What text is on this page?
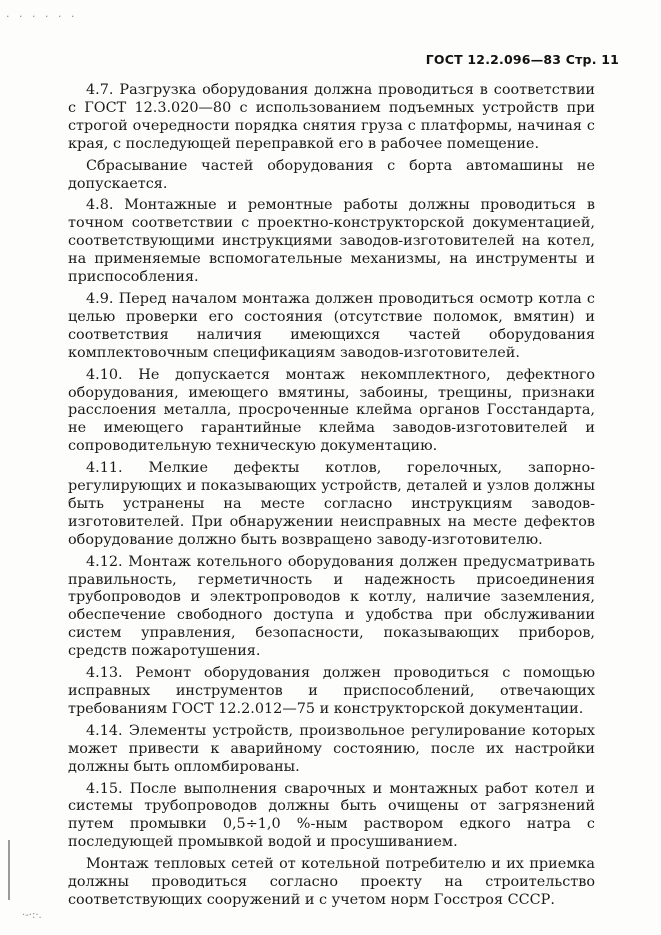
· · · · · ·
ГОСТ 12.2.096—83 Стр. 11

4.7. Разгрузка оборудования должна проводиться в соответствии с ГОСТ 12.3.020—80 с использованием подъемных устройств при строгой очередности порядка снятия груза с платформы, начиная с края, с последующей переправкой его в рабочее помещение.

Сбрасывание частей оборудования с борта автомашины не допускается.

4.8. Монтажные и ремонтные работы должны проводиться в точном соответствии с проектно-конструкторской документацией, соответствующими инструкциями заводов-изготовителей на котел, на применяемые вспомогательные механизмы, на инструменты и приспособления.

4.9. Перед началом монтажа должен проводиться осмотр котла с целью проверки его состояния (отсутствие поломок, вмятин) и соответствия наличия имеющихся частей оборудования комплектовочным спецификациям заводов-изготовителей.

4.10. Не допускается монтаж некомплектного, дефектного оборудования, имеющего вмятины, забоины, трещины, признаки расслоения металла, просроченные клейма органов Госстандарта, не имеющего гарантийные клейма заводов-изготовителей и сопроводительную техническую документацию.

4.11. Мелкие дефекты котлов, горелочных, запорно-регулирующих и показывающих устройств, деталей и узлов должны быть устранены на месте согласно инструкциям заводов-изготовителей. При обнаружении неисправных на месте дефектов оборудование должно быть возвращено заводу-изготовителю.

4.12. Монтаж котельного оборудования должен предусматривать правильность, герметичность и надежность присоединения трубопроводов и электропроводов к котлу, наличие заземления, обеспечение свободного доступа и удобства при обслуживании систем управления, безопасности, показывающих приборов, средств пожаротушения.

4.13. Ремонт оборудования должен проводиться с помощью исправных инструментов и приспособлений, отвечающих требованиям ГОСТ 12.2.012—75 и конструкторской документации.

4.14. Элементы устройств, произвольное регулирование которых может привести к аварийному состоянию, после их настройки должны быть опломбированы.

4.15. После выполнения сварочных и монтажных работ котел и системы трубопроводов должны быть очищены от загрязнений путем промывки 0,5÷1,0 %-ным раствором едкого натра с последующей промывкой водой и просушиванием.

Монтаж тепловых сетей от котельной потребителю и их приемка должны проводиться согласно проекту на строительство соответствующих сооружений и с учетом норм Госстроя СССР.

·-·:·.
